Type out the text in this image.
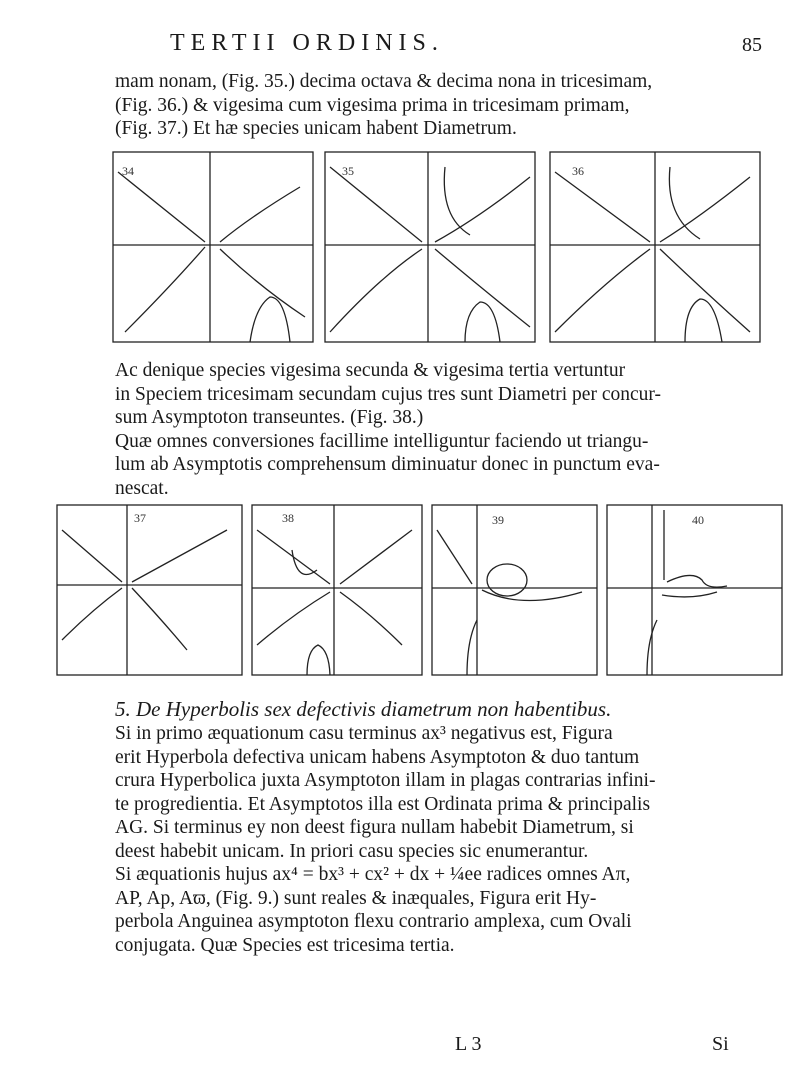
TERTII ORDINIS.	85
mam nonam, (Fig. 35.) decima octava & decima nona in tricesimam,
(Fig. 36.) & vigesima cum vigesima prima in tricesimam primam,
(Fig. 37.) Et hæ species unicam habent Diametrum.
34	35	36
Ac denique species vigesima secunda & vigesima tertia vertuntur
in Speciem tricesimam secundam cujus tres sunt Diametri per concur-
sum Asymptoton transeuntes. (Fig. 38.)
Quæ omnes conversiones facillime intelliguntur faciendo ut triangu-
lum ab Asymptotis comprehensum diminuatur donec in punctum eva-
nescat.
37	38	39	40
5. De Hyperbolis sex defectivis diametrum non habentibus.
Si in primo æquationum casu terminus ax³ negativus est, Figura
erit Hyperbola defectiva unicam habens Asymptoton & duo tantum
crura Hyperbolica juxta Asymptoton illam in plagas contrarias infini-
te progredientia. Et Asymptotos illa est Ordinata prima & principalis
AG. Si terminus ey non deest figura nullam habebit Diametrum, si
deest habebit unicam. In priori casu species sic enumerantur.
Si æquationis hujus ax⁴ = bx³ + cx² + dx + ¼ee radices omnes Aπ,
AP, Ap, Aϖ, (Fig. 9.) sunt reales & inæquales, Figura erit Hy-
perbola Anguinea asymptoton flexu contrario amplexa, cum Ovali
conjugata. Quæ Species est tricesima tertia.
L 3	Si
